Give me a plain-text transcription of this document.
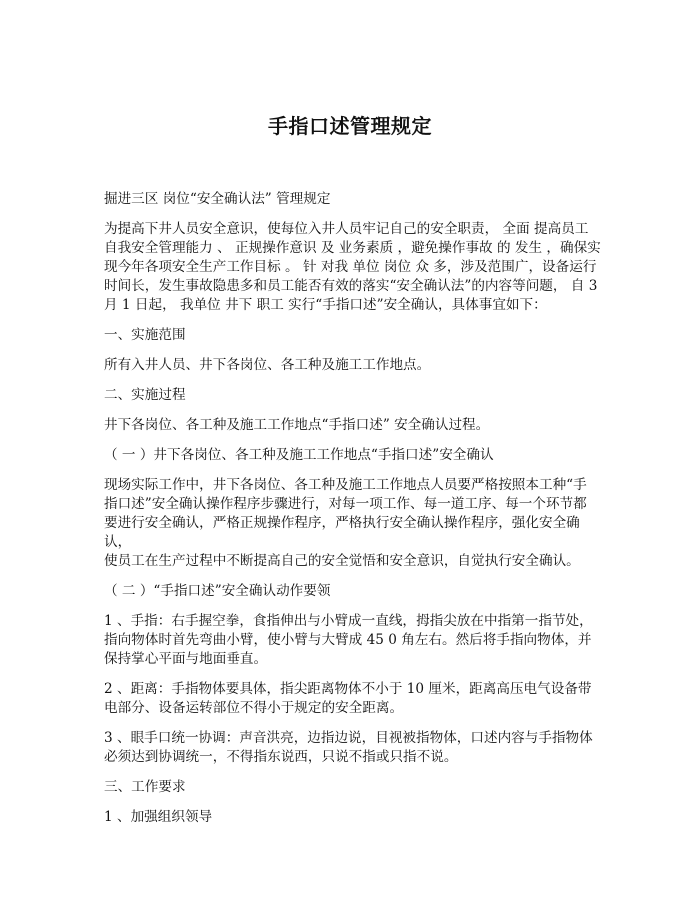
手指口述管理规定

掘进三区 岗位“安全确认法” 管理规定

为提高下井人员安全意识，使每位入井人员牢记自己的安全职责， 全面 提高员工
自我安全管理能力 、 正规操作意识 及 业务素质 ，避免操作事故 的 发生 ，确保实
现今年各项安全生产工作目标 。 针 对我 单位 岗位 众 多，涉及范围广，设备运行
时间长，发生事故隐患多和员工能否有效的落实“安全确认法”的内容等问题， 自 3
月 1 日起， 我单位 井下 职工 实行“手指口述”安全确认，具体事宜如下：

一、实施范围

所有入井人员、井下各岗位、各工种及施工工作地点。

二、实施过程

井下各岗位、各工种及施工工作地点“手指口述” 安全确认过程。

（ 一 ）井下各岗位、各工种及施工工作地点“手指口述”安全确认

现场实际工作中，井下各岗位、各工种及施工工作地点人员要严格按照本工种“手
指口述”安全确认操作程序步骤进行，对每一项工作、每一道工序、每一个环节都
要进行安全确认，严格正规操作程序，严格执行安全确认操作程序，强化安全确认，
使员工在生产过程中不断提高自己的安全觉悟和安全意识，自觉执行安全确认。

（ 二 ）“手指口述”安全确认动作要领

1 、手指：右手握空拳，食指伸出与小臂成一直线，拇指尖放在中指第一指节处，
指向物体时首先弯曲小臂，使小臂与大臂成 45 0 角左右。然后将手指向物体，并
保持掌心平面与地面垂直。

2 、距离：手指物体要具体，指尖距离物体不小于 10 厘米，距离高压电气设备带
电部分、设备运转部位不得小于规定的安全距离。

3 、眼手口统一协调：声音洪亮，边指边说，目视被指物体，口述内容与手指物体
必须达到协调统一，不得指东说西，只说不指或只指不说。

三、工作要求

1 、加强组织领导
